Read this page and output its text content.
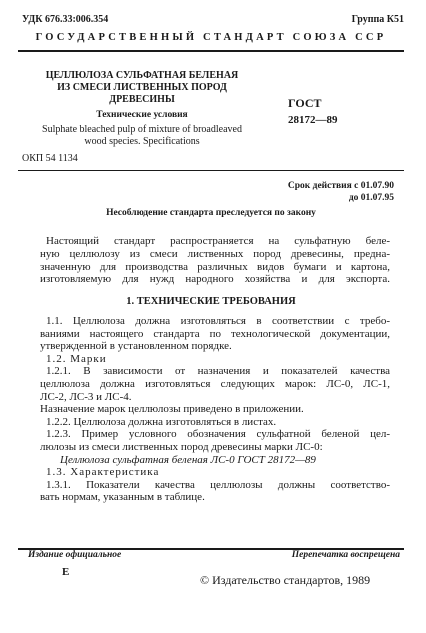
УДК 676.33:006.354	Группа К51
ГОСУДАРСТВЕННЫЙ СТАНДАРТ СОЮЗА ССР
ЦЕЛЛЮЛОЗА СУЛЬФАТНАЯ БЕЛЕНАЯ
ИЗ СМЕСИ ЛИСТВЕННЫХ ПОРОД
ДРЕВЕСИНЫ
Технические условия
Sulphate bleached pulp of mixture of broadleaved
wood species. Specifications
ОКП 54 1134
ГОСТ
28172—89
Срок действия с 01.07.90
до 01.07.95
Несоблюдение стандарта преследуется по закону
Настоящий стандарт распространяется на сульфатную беле-
ную целлюлозу из смеси лиственных пород древесины, предна-
значенную для производства различных видов бумаги и картона,
изготовляемую для нужд народного хозяйства и для экспорта.
1. ТЕХНИЧЕСКИЕ ТРЕБОВАНИЯ
1.1. Целлюлоза должна изготовляться в соответствии с требо-
ваниями настоящего стандарта по технологической документации,
утвержденной в установленном порядке.
1.2. Марки
1.2.1. В зависимости от назначения и показателей качества
целлюлоза должна изготовляться следующих марок: ЛС-0, ЛС-1,
ЛС-2, ЛС-3 и ЛС-4.
Назначение марок целлюлозы приведено в приложении.
1.2.2. Целлюлоза должна изготовляться в листах.
1.2.3. Пример условного обозначения сульфатной беленой цел-
люлозы из смеси лиственных пород древесины марки ЛС-0:
Целлюлоза сульфатная беленая ЛС-0 ГОСТ 28172—89
1.3. Характеристика
1.3.1. Показатели качества целлюлозы должны соответство-
вать нормам, указанным в таблице.
Издание официальное	Перепечатка воспрещена
Е
© Издательство стандартов, 1989
